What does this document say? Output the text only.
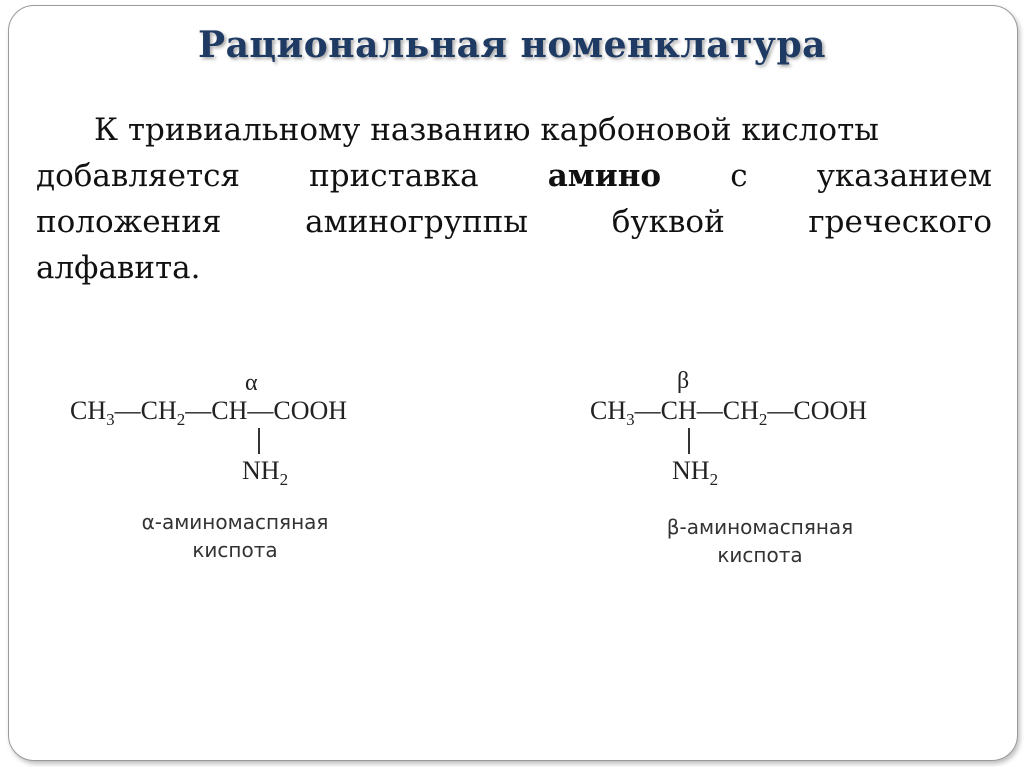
Рациональная номенклатура
К тривиальному названию карбоновой кислоты
добавляется приставка амино с указанием
положения	аминогруппы	буквой	греческого
алфавита.
α
$CH_3—CH_2—CH—COOH$
$NH_2$
α-аминомаспяная
киспота
β
$CH_3—CH—CH_2—COOH$
$NH_2$
β-аминомаспяная
киспота
